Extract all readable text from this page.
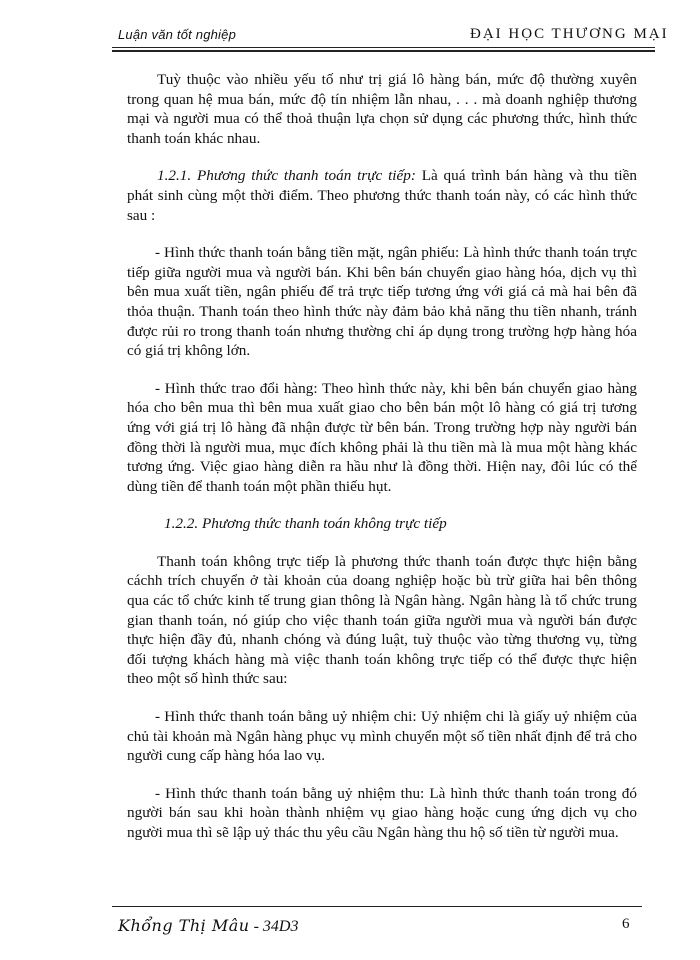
Luận văn tốt nghiệp	ĐẠI HỌC THƯƠNG MẠI

Tuỳ thuộc vào nhiều yếu tố như trị giá lô hàng bán, mức độ thường xuyên trong quan hệ mua bán, mức độ tín nhiệm lẫn nhau, . . . mà doanh nghiệp thương mại và người mua có thể thoả thuận lựa chọn sử dụng các phương thức, hình thức thanh toán khác nhau.

1.2.1. Phương thức thanh toán trực tiếp: Là quá trình bán hàng và thu tiền phát sinh cùng một thời điểm. Theo phương thức thanh toán này, có các hình thức sau :

- Hình thức thanh toán bằng tiền mặt, ngân phiếu: Là hình thức thanh toán trực tiếp giữa người mua và người bán. Khi bên bán chuyển giao hàng hóa, dịch vụ thì bên mua xuất tiền, ngân phiếu để trả trực tiếp tương ứng với giá cả mà hai bên đã thỏa thuận. Thanh toán theo hình thức này đảm bảo khả năng thu tiền nhanh, tránh được rủi ro trong thanh toán nhưng thường chỉ áp dụng trong trường hợp hàng hóa có giá trị không lớn.

- Hình thức trao đổi hàng: Theo hình thức này, khi bên bán chuyển giao hàng hóa cho bên mua thì bên mua xuất giao cho bên bán một lô hàng có giá trị tương ứng với giá trị lô hàng đã nhận được từ bên bán. Trong trường hợp này người bán đồng thời là người mua, mục đích không phải là thu tiền mà là mua một hàng khác tương ứng. Việc giao hàng diễn ra hầu như là đồng thời. Hiện nay, đôi lúc có thể dùng tiền để thanh toán một phần thiếu hụt.

1.2.2. Phương thức thanh toán không trực tiếp

Thanh toán không trực tiếp là phương thức thanh toán được thực hiện bằng cáchh trích chuyển ở tài khoản của doang nghiệp hoặc bù trừ giữa hai bên thông qua các tổ chức kinh tế trung gian thông là Ngân hàng. Ngân hàng là tổ chức trung gian thanh toán, nó giúp cho việc thanh toán giữa người mua và người bán được thực hiện đầy đủ, nhanh chóng và đúng luật, tuỳ thuộc vào từng thương vụ, từng đối tượng khách hàng mà việc thanh toán không trực tiếp có thể được thực hiện theo một số hình thức sau:

- Hình thức thanh toán bằng uỷ nhiệm chi: Uỷ nhiệm chi là giấy uỷ nhiệm của chủ tài khoản mà Ngân hàng phục vụ mình chuyển một số tiền nhất định để trả cho người cung cấp hàng hóa lao vụ.

- Hình thức thanh toán bằng uỷ nhiệm thu: Là hình thức thanh toán trong đó người bán sau khi hoàn thành nhiệm vụ giao hàng hoặc cung ứng dịch vụ cho người mua thì sẽ lập uỷ thác thu yêu cầu Ngân hàng thu hộ số tiền từ người mua.

Khổng Thị Mâu - 34D3	6
